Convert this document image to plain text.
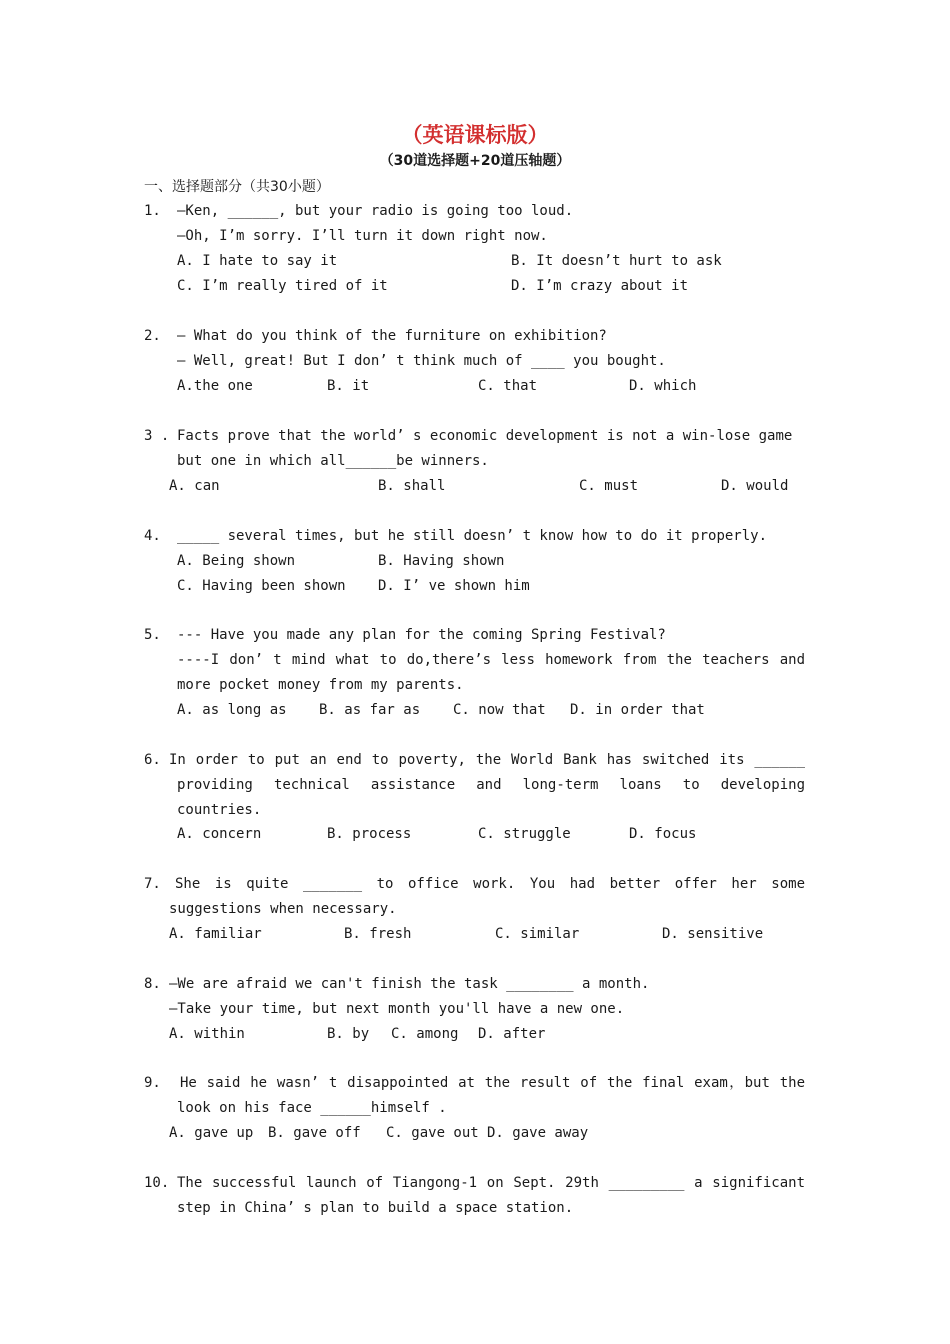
（英语课标版）
（30道选择题+20道压轴题）
一、选择题部分（共30小题）
1. —Ken, ______, but your radio is going too loud.
—Oh, I’m sorry. I’ll turn it down right now.
A. I hate to say it	B. It doesn’t hurt to ask
C. I’m really tired of it	D. I’m crazy about it
2. — What do you think of the furniture on exhibition?
— Well, great! But I don’ t think much of ____ you bought.
A.the one	B. it	C. that	D. which
3 . Facts prove that the world’ s economic development is not a win-lose game
but one in which all______be winners.
A. can	B. shall	C. must	D. would
4. _____ several times, but he still doesn’ t know how to do it properly.
A. Being shown	B. Having shown
C. Having been shown D. I’ ve shown him
5. --- Have you made any plan for the coming Spring Festival?
----I don’ t mind what to do,there’s less homework from the teachers and
more pocket money from my parents.
A. as long as B. as far as C. now that D. in order that
6. In order to put an end to poverty, the World Bank has switched its ______
providing technical assistance and long-term loans to developing
countries.
A. concern	B. process	C. struggle	D. focus
7. She is quite _______ to office work. You had better offer her some
suggestions when necessary.
A. familiar	B. fresh	C. similar	D. sensitive
8. —We are afraid we can't finish the task ________ a month.
—Take your time, but next month you'll have a new one.
A. within	B. by C. among D. after
9. He said he wasn’ t disappointed at the result of the final exam，but the
look on his face ______himself .
A. gave up B. gave off C. gave out D. gave away
10. The successful launch of Tiangong-1 on Sept. 29th _________ a significant
step in China’ s plan to build a space station.
